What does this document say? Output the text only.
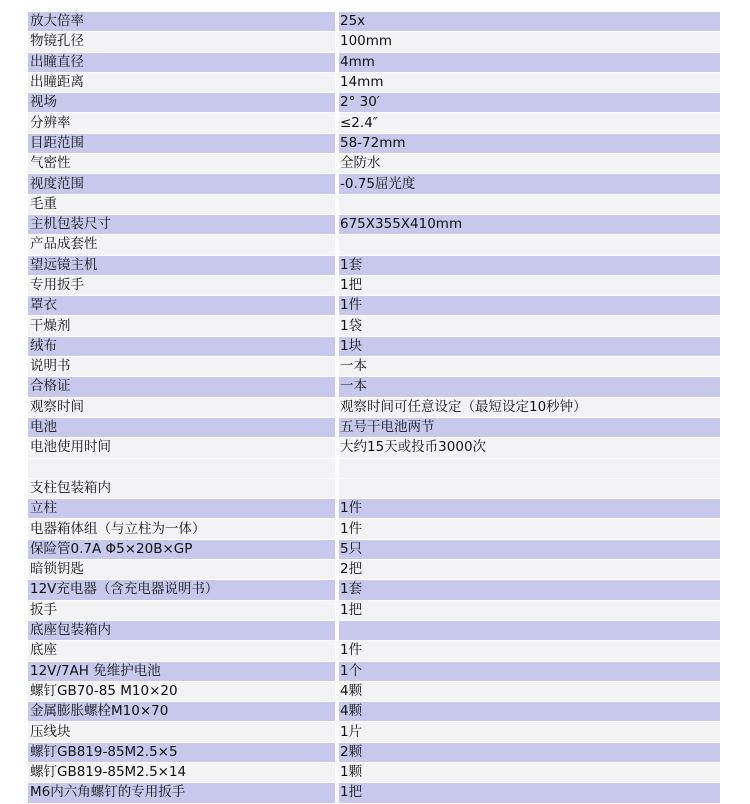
放大倍率	25x
物镜孔径	100mm
出瞳直径	4mm
出瞳距离	14mm
视场	2° 30′
分辨率	≤2.4″
目距范围	58-72mm
气密性	全防水
视度范围	-0.75屈光度
毛重	
主机包装尺寸	675X355X410mm
产品成套性	
望远镜主机	1套
专用扳手	1把
罩衣	1件
干燥剂	1袋
绒布	1块
说明书	一本
合格证	一本
观察时间	观察时间可任意设定（最短设定10秒钟）
电池	五号干电池两节
电池使用时间	大约15天或投币3000次

支柱包装箱内	
立柱	1件
电器箱体组（与立柱为一体）	1件
保险管0.7A Φ5×20B×GP	5只
暗锁钥匙	2把
12V充电器（含充电器说明书）	1套
扳手	1把
底座包装箱内	
底座	1件
12V/7AH 免维护电池	1个
螺钉GB70-85 M10×20	4颗
金属膨胀螺栓M10×70	4颗
压线块	1片
螺钉GB819-85M2.5×5	2颗
螺钉GB819-85M2.5×14	1颗
M6内六角螺钉的专用扳手	1把
